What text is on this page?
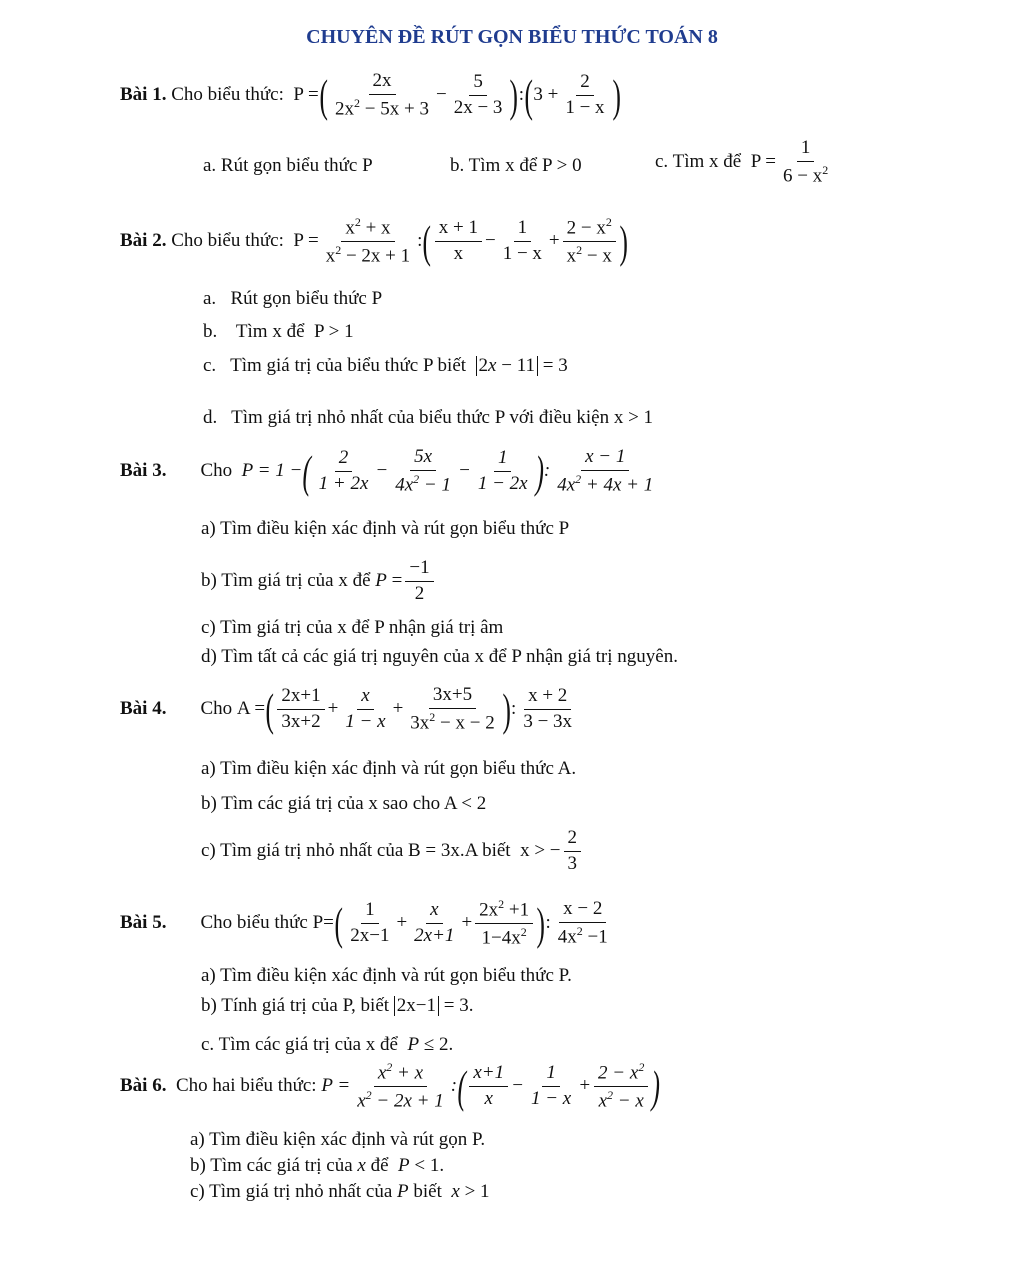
CHUYÊN ĐỀ RÚT GỌN BIỂU THỨC TOÁN 8
Bài 1.
Cho biểu thức:
P = ( $\frac{2x}{2x^2 - 5x + 3} - \frac{5}{2x - 3}$ ) : ( $3 + \frac{2}{1 - x}$ )
a. Rút gọn biểu thức P	b. Tìm x để P > 0	c. Tìm x để $P = \frac{1}{6 - x^2}$
Bài 2.
Cho biểu thức:
$P = \frac{x^2 + x}{x^2 - 2x + 1}$ : ( $\frac{x + 1}{x} - \frac{1}{1 - x} + \frac{2 - x^2}{x^2 - x}$ )
a.   Rút gọn biểu thức P
b.    Tìm x để P > 1
c.   Tìm giá trị của biểu thức P biết 2x − 11 = 3
d.   Tìm giá trị nhỏ nhất của biểu thức P với điều kiện x > 1
Bài 3. Cho
P = 1 − ( $\frac{2}{1 + 2x} - \frac{5x}{4x^2 - 1} - \frac{1}{1 - 2x}$ ) : $\frac{x - 1}{4x^2 + 4x + 1}$
a) Tìm điều kiện xác định và rút gọn biểu thức P
b) Tìm giá trị của x để
$P = \frac{-1}{2}$
c) Tìm giá trị của x để P nhận giá trị âm
d) Tìm tất cả các giá trị nguyên của x để P nhận giá trị nguyên.
Bài 4. Cho
A = ( $\frac{2x+1}{3x+2} + \frac{x}{1 - x} + \frac{3x+5}{3x^2 - x - 2}$ ) : $\frac{x + 2}{3 - 3x}$
a) Tìm điều kiện xác định và rút gọn biểu thức A.
b) Tìm các giá trị của x sao cho A < 2
c) Tìm giá trị nhỏ nhất của B = 3x.A biết x > − $\frac{2}{3}$
Bài 5. Cho biểu thức
P= ( $\frac{1}{2x-1} + \frac{x}{2x+1} + \frac{2x^2 +1}{1-4x^2}$ ) : $\frac{x - 2}{4x^2 -1}$
a) Tìm điều kiện xác định và rút gọn biểu thức P.
b) Tính giá trị của P, biết 2x−1 = 3.
c. Tìm các giá trị của x để P ≤ 2.
Bài 6.
Cho hai biểu thức:
$P = \frac{x^2 + x}{x^2 - 2x + 1}$ : ( $\frac{x+1}{x} - \frac{1}{1 - x} + \frac{2 - x^2}{x^2 - x}$ )
a) Tìm điều kiện xác định và rút gọn P.
b) Tìm các giá trị của x để P < 1.
c) Tìm giá trị nhỏ nhất của P biết x > 1
